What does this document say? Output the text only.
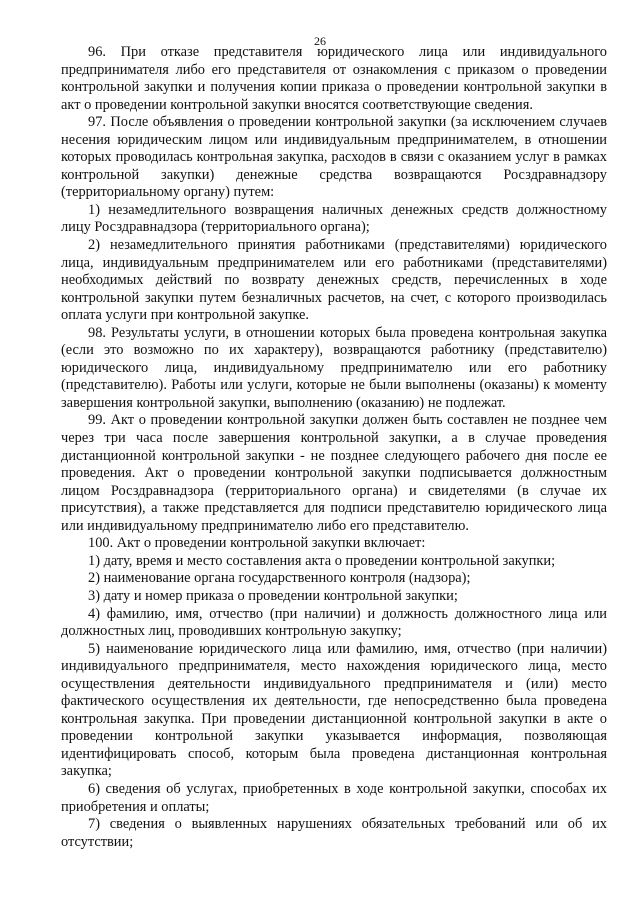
26

96. При отказе представителя юридического лица или индивидуального предпринимателя либо его представителя от ознакомления с приказом о проведении контрольной закупки и получения копии приказа о проведении контрольной закупки в акт о проведении контрольной закупки вносятся соответствующие сведения.

97. После объявления о проведении контрольной закупки (за исключением случаев несения юридическим лицом или индивидуальным предпринимателем, в отношении которых проводилась контрольная закупка, расходов в связи с оказанием услуг в рамках контрольной закупки) денежные средства возвращаются Росздравнадзору (территориальному органу) путем:

1) незамедлительного возвращения наличных денежных средств должностному лицу Росздравнадзора (территориального органа);

2) незамедлительного принятия работниками (представителями) юридического лица, индивидуальным предпринимателем или его работниками (представителями) необходимых действий по возврату денежных средств, перечисленных в ходе контрольной закупки путем безналичных расчетов, на счет, с которого производилась оплата услуги при контрольной закупке.

98. Результаты услуги, в отношении которых была проведена контрольная закупка (если это возможно по их характеру), возвращаются работнику (представителю) юридического лица, индивидуальному предпринимателю или его работнику (представителю). Работы или услуги, которые не были выполнены (оказаны) к моменту завершения контрольной закупки, выполнению (оказанию) не подлежат.

99. Акт о проведении контрольной закупки должен быть составлен не позднее чем через три часа после завершения контрольной закупки, а в случае проведения дистанционной контрольной закупки - не позднее следующего рабочего дня после ее проведения. Акт о проведении контрольной закупки подписывается должностным лицом Росздравнадзора (территориального органа) и свидетелями (в случае их присутствия), а также представляется для подписи представителю юридического лица или индивидуальному предпринимателю либо его представителю.

100. Акт о проведении контрольной закупки включает:

1) дату, время и место составления акта о проведении контрольной закупки;

2) наименование органа государственного контроля (надзора);

3) дату и номер приказа о проведении контрольной закупки;

4) фамилию, имя, отчество (при наличии) и должность должностного лица или должностных лиц, проводивших контрольную закупку;

5) наименование юридического лица или фамилию, имя, отчество (при наличии) индивидуального предпринимателя, место нахождения юридического лица, место осуществления деятельности индивидуального предпринимателя и (или) место фактического осуществления их деятельности, где непосредственно была проведена контрольная закупка. При проведении дистанционной контрольной закупки в акте о проведении контрольной закупки указывается информация, позволяющая идентифицировать способ, которым была проведена дистанционная контрольная закупка;

6) сведения об услугах, приобретенных в ходе контрольной закупки, способах их приобретения и оплаты;

7) сведения о выявленных нарушениях обязательных требований или об их отсутствии;
